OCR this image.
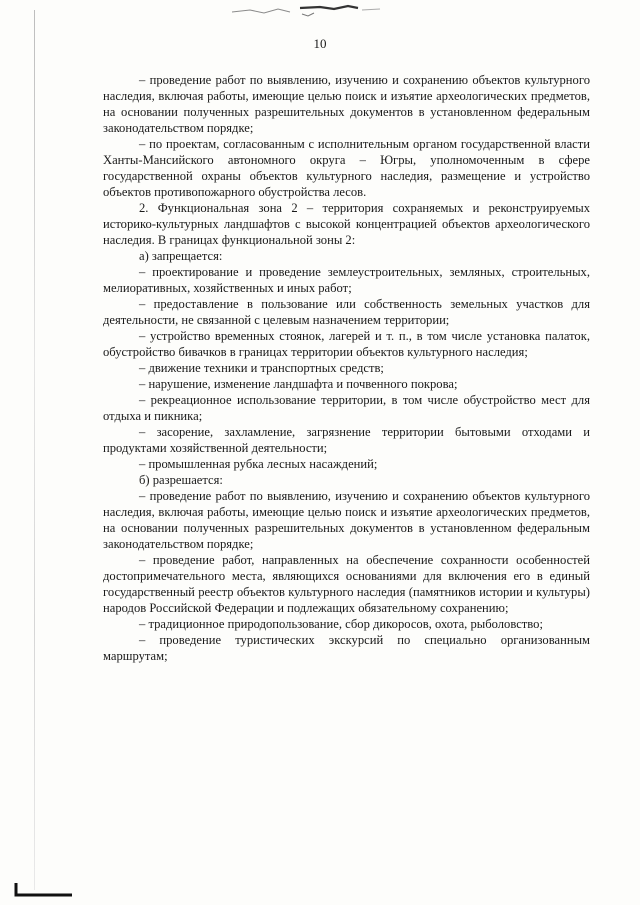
10

– проведение работ по выявлению, изучению и сохранению объектов культурного наследия, включая работы, имеющие целью поиск и изъятие археологических предметов, на основании полученных разрешительных документов в установленном федеральным законодательством порядке;

– по проектам, согласованным с исполнительным органом государственной власти Ханты-Мансийского автономного округа – Югры, уполномоченным в сфере государственной охраны объектов культурного наследия, размещение и устройство объектов противопожарного обустройства лесов.

2. Функциональная зона 2 – территория сохраняемых и реконструируемых историко-культурных ландшафтов с высокой концентрацией объектов археологического наследия. В границах функциональной зоны 2:

а) запрещается:

– проектирование и проведение землеустроительных, земляных, строительных, мелиоративных, хозяйственных и иных работ;

– предоставление в пользование или собственность земельных участков для деятельности, не связанной с целевым назначением территории;

– устройство временных стоянок, лагерей и т. п., в том числе установка палаток, обустройство бивачков в границах территории объектов культурного наследия;

– движение техники и транспортных средств;

– нарушение, изменение ландшафта и почвенного покрова;

– рекреационное использование территории, в том числе обустройство мест для отдыха и пикника;

– засорение, захламление, загрязнение территории бытовыми отходами и продуктами хозяйственной деятельности;

– промышленная рубка лесных насаждений;

б) разрешается:

– проведение работ по выявлению, изучению и сохранению объектов культурного наследия, включая работы, имеющие целью поиск и изъятие археологических предметов, на основании полученных разрешительных документов в установленном федеральным законодательством порядке;

– проведение работ, направленных на обеспечение сохранности особенностей достопримечательного места, являющихся основаниями для включения его в единый государственный реестр объектов культурного наследия (памятников истории и культуры) народов Российской Федерации и подлежащих обязательному сохранению;

– традиционное природопользование, сбор дикоросов, охота, рыболовство;

– проведение туристических экскурсий по специально организованным маршрутам;
